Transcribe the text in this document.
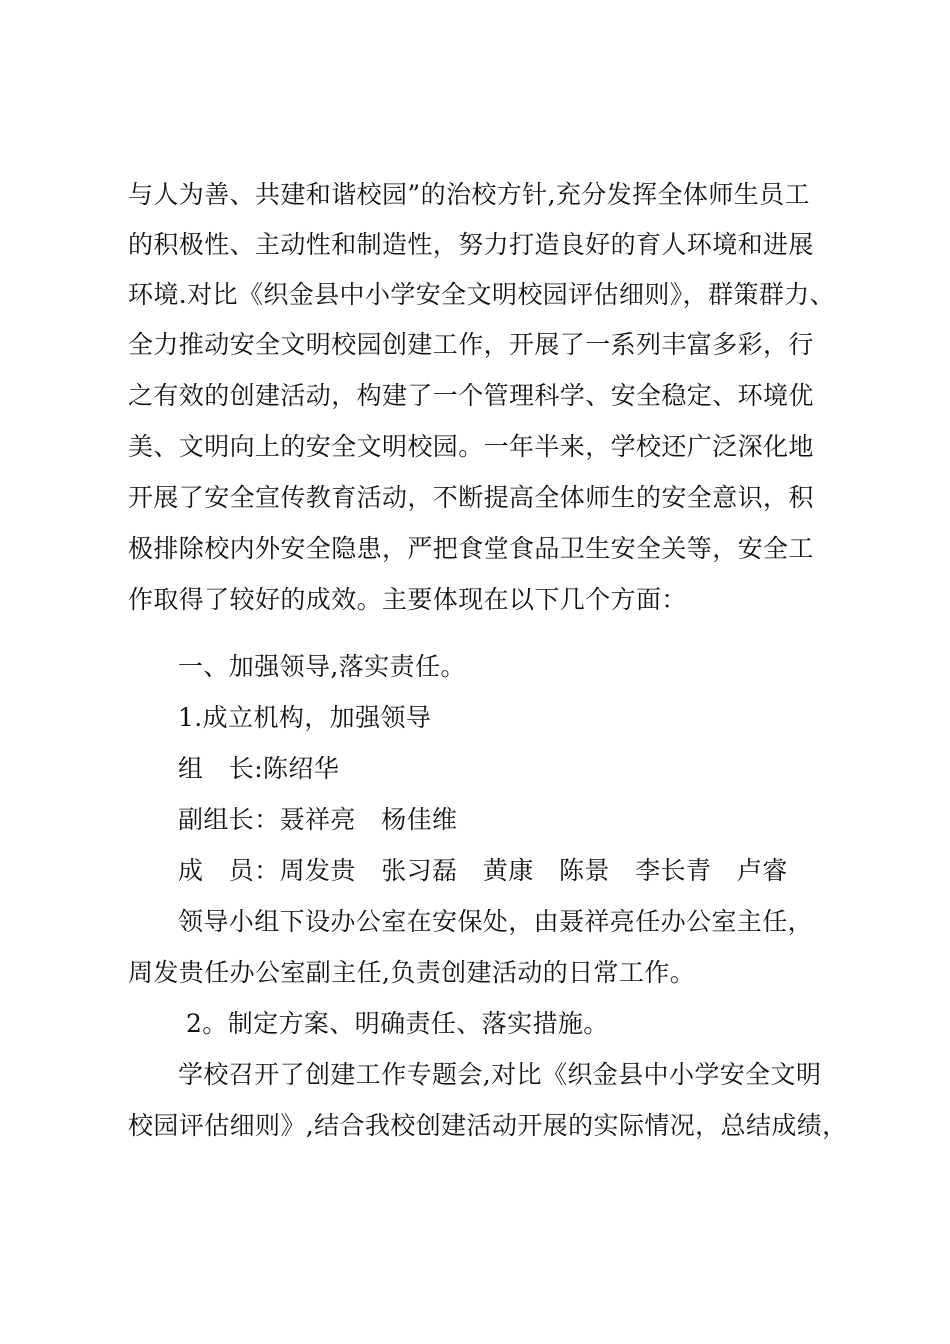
与人为善、共建和谐校园”的治校方针,充分发挥全体师生员工
的积极性、主动性和制造性，努力打造良好的育人环境和进展
环境.对比《织金县中小学安全文明校园评估细则》，群策群力、
全力推动安全文明校园创建工作，开展了一系列丰富多彩，行
之有效的创建活动，构建了一个管理科学、安全稳定、环境优
美、文明向上的安全文明校园。一年半来，学校还广泛深化地
开展了安全宣传教育活动，不断提高全体师生的安全意识，积
极排除校内外安全隐患，严把食堂食品卫生安全关等，安全工
作取得了较好的成效。主要体现在以下几个方面：
一、加强领导,落实责任。
1.成立机构，加强领导
组　长:陈绍华
副组长：聂祥亮　杨佳维
成　员：周发贵　张习磊　黄康　陈景　李长青　卢睿
领导小组下设办公室在安保处，由聂祥亮任办公室主任，
周发贵任办公室副主任,负责创建活动的日常工作。
2。制定方案、明确责任、落实措施。
学校召开了创建工作专题会,对比《织金县中小学安全文明
校园评估细则》,结合我校创建活动开展的实际情况，总结成绩，
